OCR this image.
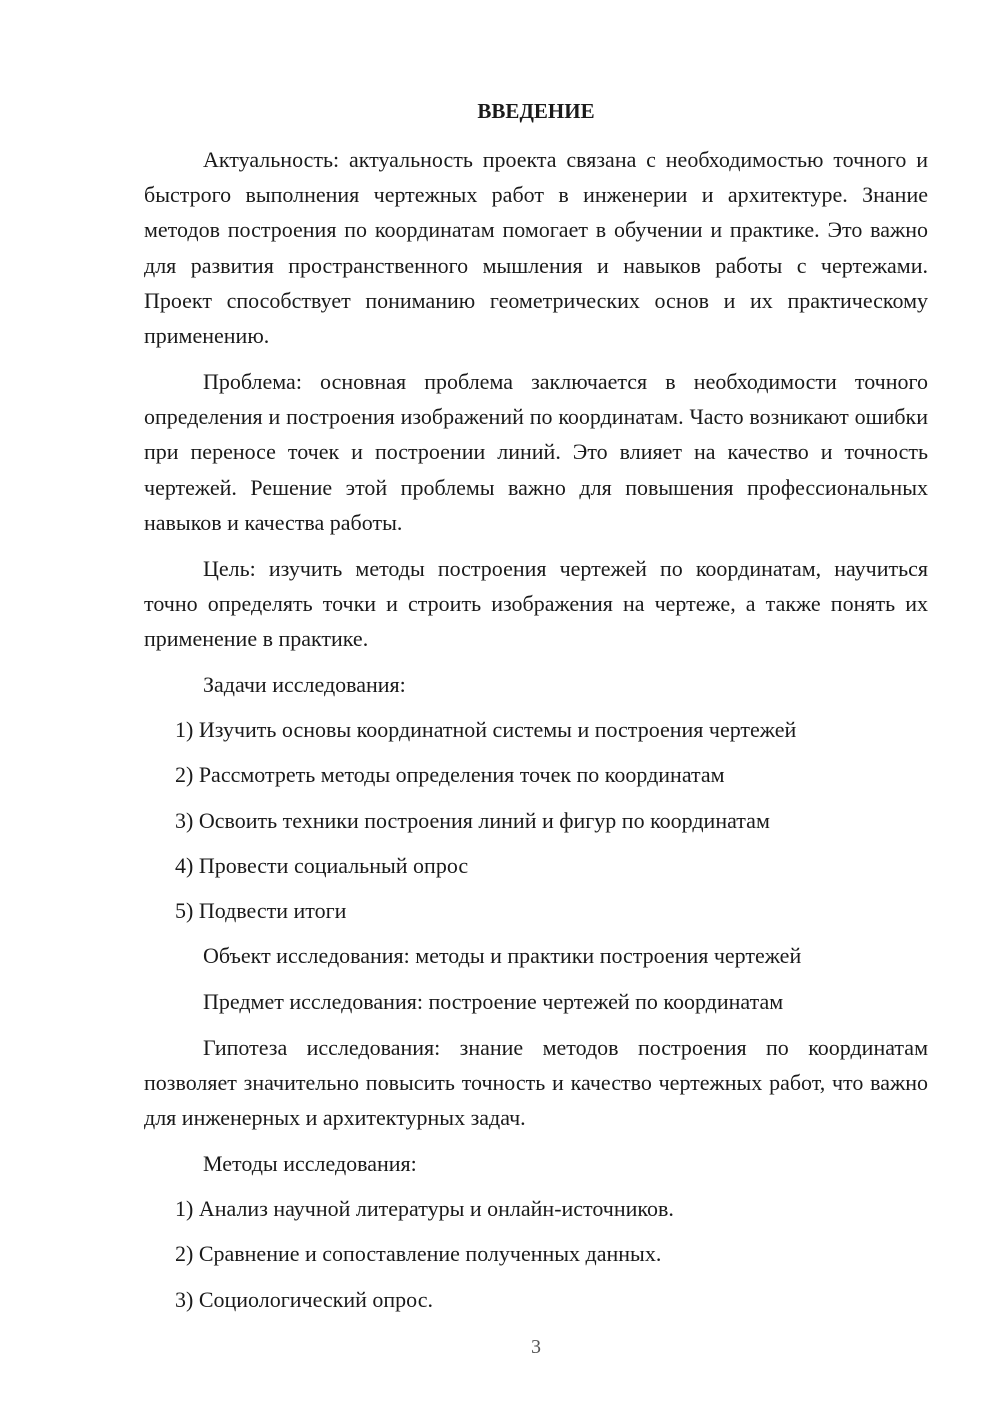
ВВЕДЕНИЕ

Актуальность: актуальность проекта связана с необходимостью точного и быстрого выполнения чертежных работ в инженерии и архитектуре. Знание методов построения по координатам помогает в обучении и практике. Это важно для развития пространственного мышления и навыков работы с чертежами. Проект способствует пониманию геометрических основ и их практическому применению.

Проблема: основная проблема заключается в необходимости точного определения и построения изображений по координатам. Часто возникают ошибки при переносе точек и построении линий. Это влияет на качество и точность чертежей. Решение этой проблемы важно для повышения профессиональных навыков и качества работы.

Цель: изучить методы построения чертежей по координатам, научиться точно определять точки и строить изображения на чертеже, а также понять их применение в практике.

Задачи исследования:

1) Изучить основы координатной системы и построения чертежей

2) Рассмотреть методы определения точек по координатам

3) Освоить техники построения линий и фигур по координатам

4) Провести социальный опрос

5) Подвести итоги

Объект исследования: методы и практики построения чертежей

Предмет исследования: построение чертежей по координатам

Гипотеза исследования: знание методов построения по координатам позволяет значительно повысить точность и качество чертежных работ, что важно для инженерных и архитектурных задач.

Методы исследования:

1) Анализ научной литературы и онлайн-источников.

2) Сравнение и сопоставление полученных данных.

3) Социологический опрос.

3
